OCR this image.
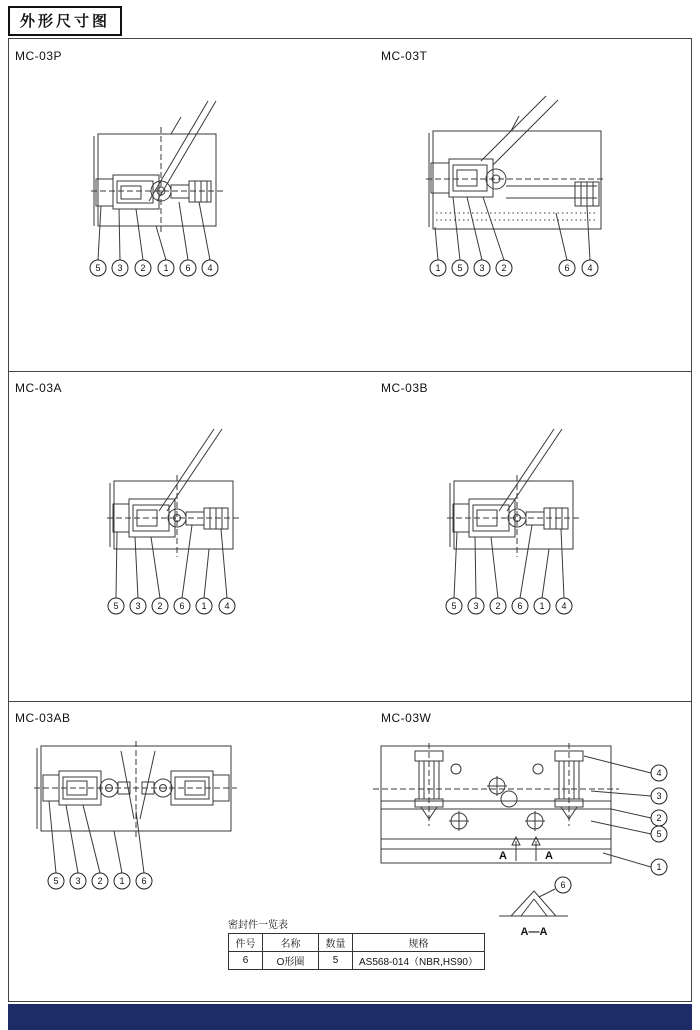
外形尺寸图
MC-03P
5 3 2 1 6 4
MC-03T
1 5 3 2	6 4
MC-03A
5 3 2 6 1 4
MC-03B
5 3 2 6 1 4
MC-03AB
5 3 2 1 6
MC-03W
A	A
4
3
2
5
1
6
A—A
密封件一览表
件号	名称	数量	规格
6	O形圈	5	AS568-014（NBR,HS90）
